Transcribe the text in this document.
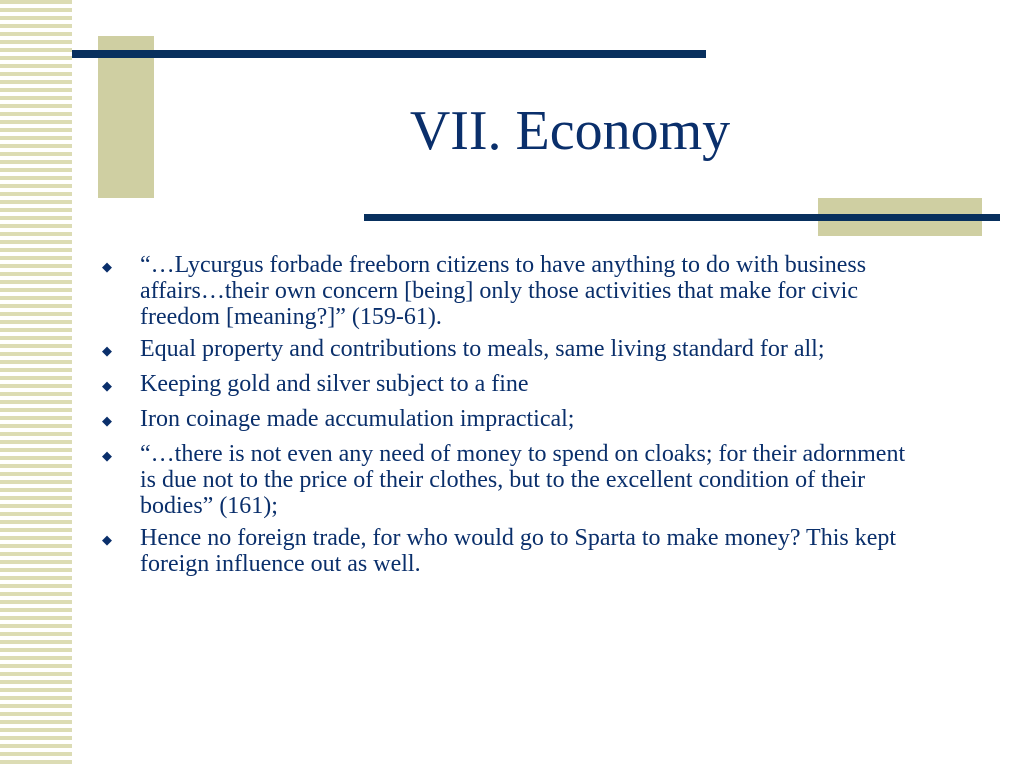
VII. Economy
◆	“…Lycurgus forbade freeborn citizens to have anything to do with business affairs…their own concern [being] only those activities that make for civic freedom [meaning?]” (159-61).
◆	Equal property and contributions to meals, same living standard for all;
◆	Keeping gold and silver subject to a fine
◆	Iron coinage made accumulation impractical;
◆	“…there is not even any need of money to spend on cloaks; for their adornment is due not to the price of their clothes, but to the excellent condition of their bodies” (161);
◆	Hence no foreign trade, for who would go to Sparta to make money? This kept foreign influence out as well.
